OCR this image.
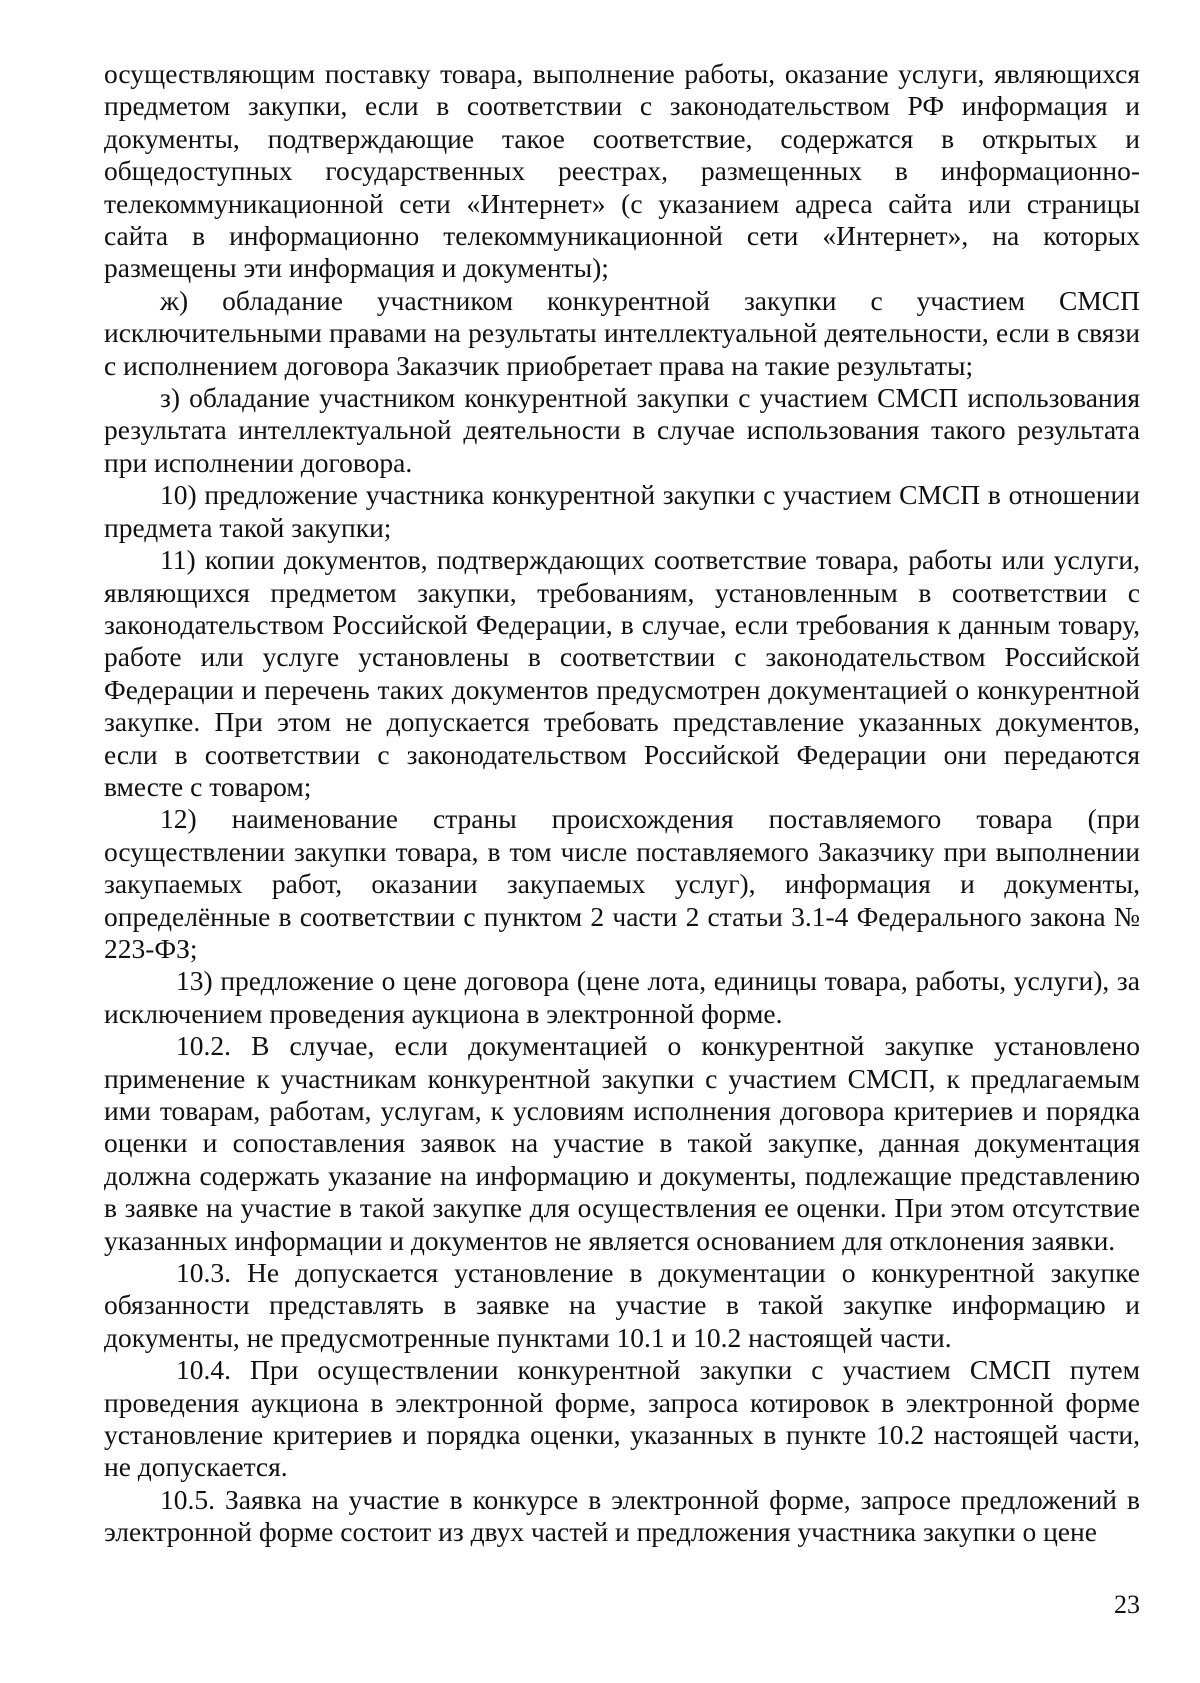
осуществляющим поставку товара, выполнение работы, оказание услуги, являющихся предметом закупки, если в соответствии с законодательством РФ информация и документы, подтверждающие такое соответствие, содержатся в открытых и общедоступных государственных реестрах, размещенных в информационно-телекоммуникационной сети «Интернет» (с указанием адреса сайта или страницы сайта в информационно телекоммуникационной сети «Интернет», на которых размещены эти информация и документы);

ж) обладание участником конкурентной закупки с участием СМСП исключительными правами на результаты интеллектуальной деятельности, если в связи с исполнением договора Заказчик приобретает права на такие результаты;

з) обладание участником конкурентной закупки с участием СМСП использования результата интеллектуальной деятельности в случае использования такого результата при исполнении договора.

10) предложение участника конкурентной закупки с участием СМСП в отношении предмета такой закупки;

11) копии документов, подтверждающих соответствие товара, работы или услуги, являющихся предметом закупки, требованиям, установленным в соответствии с законодательством Российской Федерации, в случае, если требования к данным товару, работе или услуге установлены в соответствии с законодательством Российской Федерации и перечень таких документов предусмотрен документацией о конкурентной закупке. При этом не допускается требовать представление указанных документов, если в соответствии с законодательством Российской Федерации они передаются вместе с товаром;

12) наименование страны происхождения поставляемого товара (при осуществлении закупки товара, в том числе поставляемого Заказчику при выполнении закупаемых работ, оказании закупаемых услуг), информация и документы, определённые в соответствии с пунктом 2 части 2 статьи 3.1-4 Федерального закона № 223-ФЗ;

13) предложение о цене договора (цене лота, единицы товара, работы, услуги), за исключением проведения аукциона в электронной форме.

10.2. В случае, если документацией о конкурентной закупке установлено применение к участникам конкурентной закупки с участием СМСП, к предлагаемым ими товарам, работам, услугам, к условиям исполнения договора критериев и порядка оценки и сопоставления заявок на участие в такой закупке, данная документация должна содержать указание на информацию и документы, подлежащие представлению в заявке на участие в такой закупке для осуществления ее оценки. При этом отсутствие указанных информации и документов не является основанием для отклонения заявки.

10.3. Не допускается установление в документации о конкурентной закупке обязанности представлять в заявке на участие в такой закупке информацию и документы, не предусмотренные пунктами 10.1 и 10.2 настоящей части.

10.4. При осуществлении конкурентной закупки с участием СМСП путем проведения аукциона в электронной форме, запроса котировок в электронной форме установление критериев и порядка оценки, указанных в пункте 10.2 настоящей части, не допускается.

10.5. Заявка на участие в конкурсе в электронной форме, запросе предложений в электронной форме состоит из двух частей и предложения участника закупки о цене

23
